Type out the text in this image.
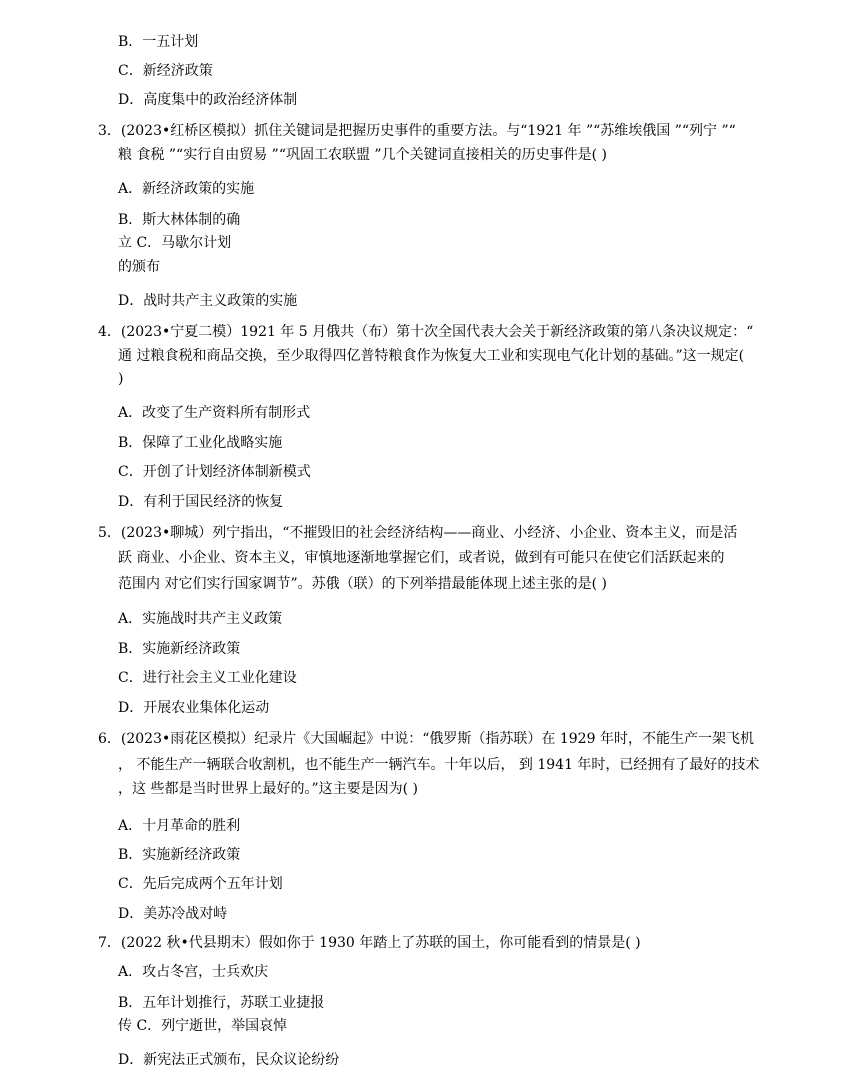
B．一五计划
C．新经济政策
D．高度集中的政治经济体制
3．(2023•红桥区模拟）抓住关键词是把握历史事件的重要方法。与“1921 年 ”“苏维埃俄国 ”“列宁 ”“
粮 食税 ”“实行自由贸易 ”“巩固工农联盟 ”几个关键词直接相关的历史事件是( )
A．新经济政策的实施
B．斯大林体制的确
立 C．马歇尔计划
的颁布
D．战时共产主义政策的实施
4．(2023•宁夏二模）1921 年 5 月俄共（布）第十次全国代表大会关于新经济政策的第八条决议规定：“
通 过粮食税和商品交换，至少取得四亿普特粮食作为恢复大工业和实现电气化计划的基础。”这一规定(
)
A．改变了生产资料所有制形式
B．保障了工业化战略实施
C．开创了计划经济体制新模式
D．有利于国民经济的恢复
5．(2023•聊城）列宁指出，“不摧毁旧的社会经济结构——商业、小经济、小企业、资本主义，而是活
跃 商业、小企业、资本主义，审慎地逐渐地掌握它们，或者说，做到有可能只在使它们活跃起来的
范围内 对它们实行国家调节”。苏俄（联）的下列举措最能体现上述主张的是( )
A．实施战时共产主义政策
B．实施新经济政策
C．进行社会主义工业化建设
D．开展农业集体化运动
6．(2023•雨花区模拟）纪录片《大国崛起》中说：“俄罗斯（指苏联）在 1929 年时，不能生产一架飞机
， 不能生产一辆联合收割机，也不能生产一辆汽车。十年以后， 到 1941 年时，已经拥有了最好的技术
，这 些都是当时世界上最好的。”这主要是因为( )
A．十月革命的胜利
B．实施新经济政策
C．先后完成两个五年计划
D．美苏冷战对峙
7．(2022 秋•代县期末）假如你于 1930 年踏上了苏联的国土，你可能看到的情景是( )
A．攻占冬宫，士兵欢庆
B．五年计划推行，苏联工业捷报
传 C．列宁逝世，举国哀悼
D．新宪法正式颁布，民众议论纷纷
